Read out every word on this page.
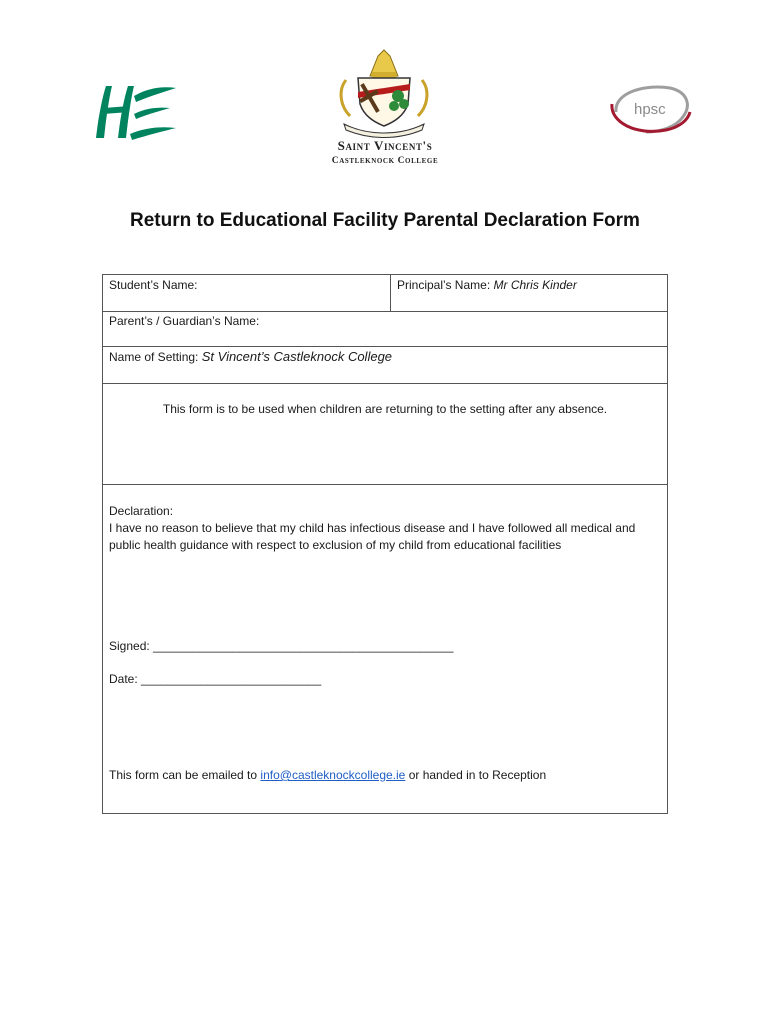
Saint Vincent's
Castleknock College
hpsc
Return to Educational Facility Parental Declaration Form
Student’s Name:	Principal’s Name: Mr Chris Kinder
Parent’s / Guardian’s Name:
Name of Setting: St Vincent’s Castleknock College
This form is to be used when children are returning to the setting after any absence.

Declaration:
I have no reason to believe that my child has infectious disease and I have followed all medical and public health guidance with respect to exclusion of my child from educational facilities
Signed: _____________________________________________
Date: ___________________________
This form can be emailed to info@castleknockcollege.ie or handed in to Reception
